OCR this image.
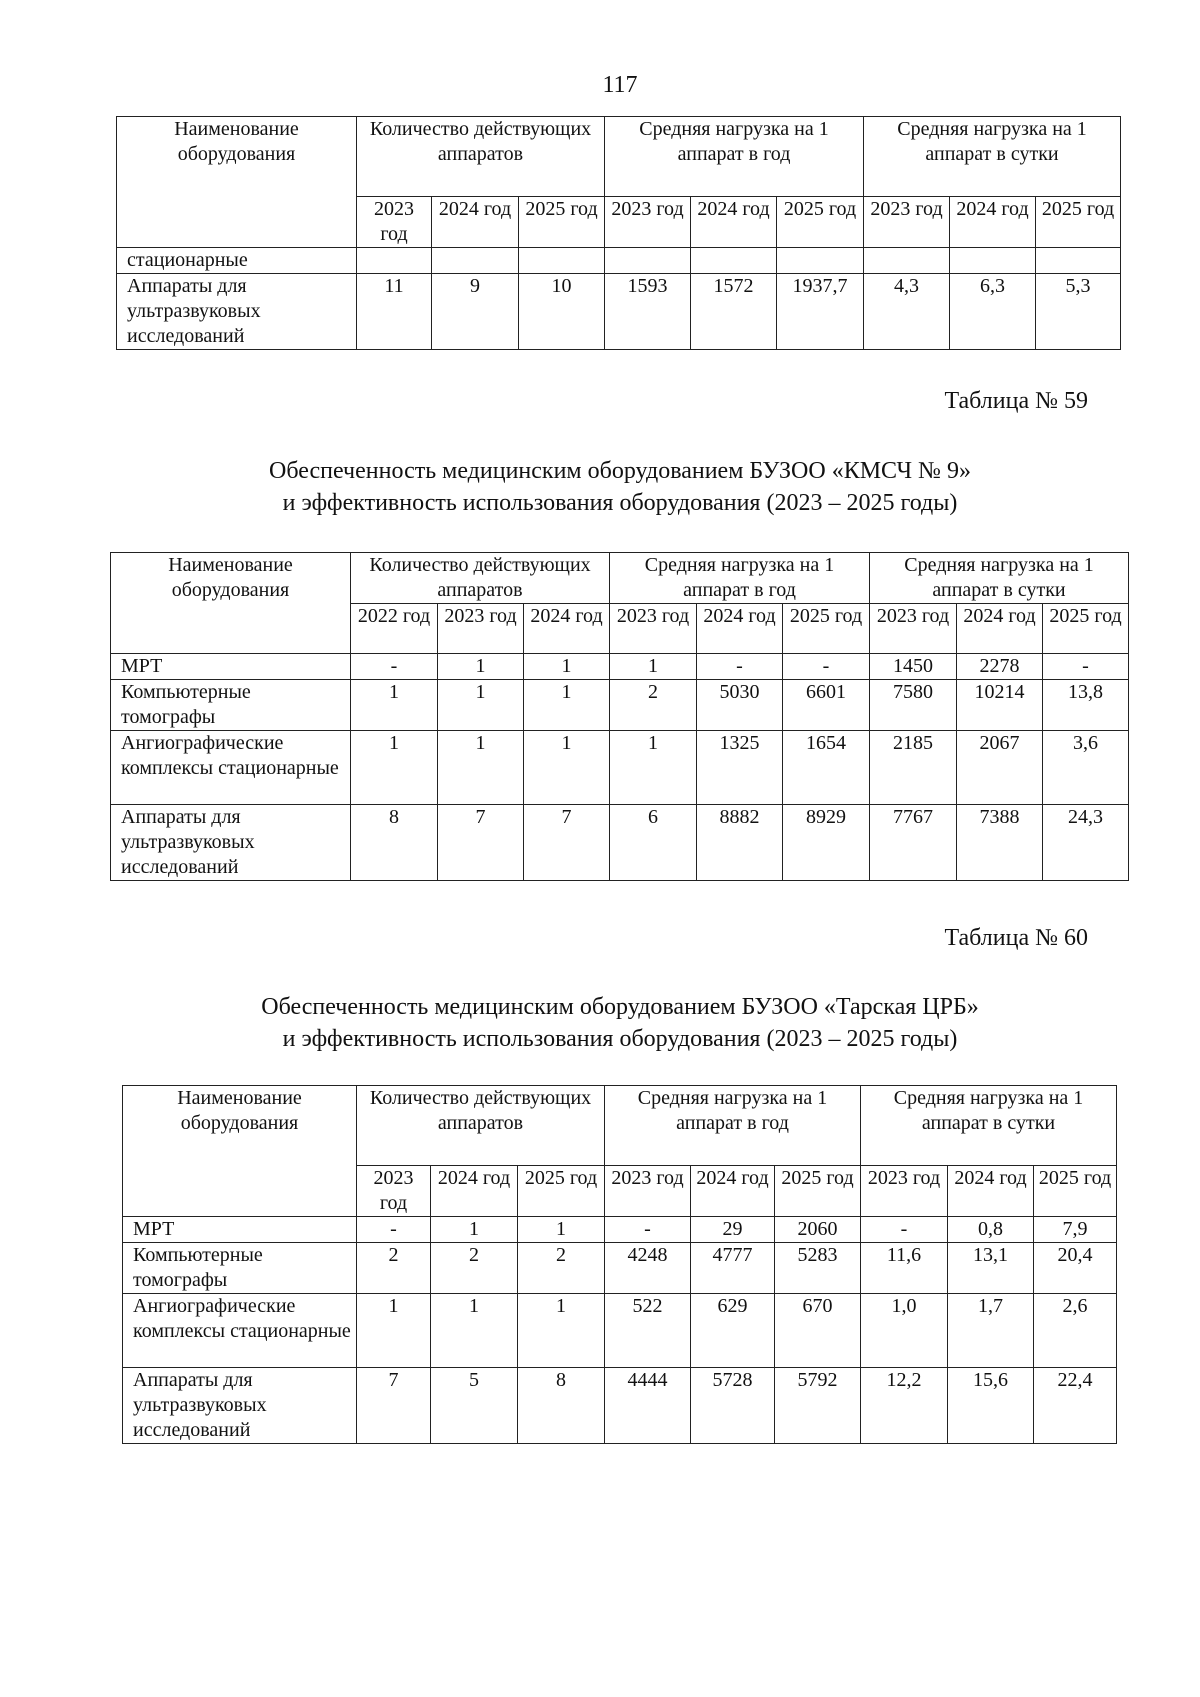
117
Наименование оборудования	Количество действующих аппаратов			Средняя нагрузка на 1 аппарат в год			Средняя нагрузка на 1 аппарат в сутки		
	2023 год	2024 год	2025 год	2023 год	2024 год	2025 год	2023 год	2024 год	2025 год
стационарные									
Аппараты для ультразвуковых исследований	11	9	10	1593	1572	1937,7	4,3	6,3	5,3
Таблица № 59
Обеспеченность медицинским оборудованием БУЗОО «КМСЧ № 9»
и эффективность использования оборудования (2023 – 2025 годы)
Наименование оборудования	Количество действующих аппаратов			Средняя нагрузка на 1 аппарат в год			Средняя нагрузка на 1 аппарат в сутки		
	2022 год	2023 год	2024 год	2023 год	2024 год	2025 год	2023 год	2024 год	2025 год
МРТ	-	1	1	1	-	-	1450	2278	-
Компьютерные томографы	1	1	1	2	5030	6601	7580	10214	13,8
Ангиографические комплексы стационарные	1	1	1	1	1325	1654	2185	2067	3,6
Аппараты для ультразвуковых исследований	8	7	7	6	8882	8929	7767	7388	24,3
Таблица № 60
Обеспеченность медицинским оборудованием БУЗОО «Тарская ЦРБ»
и эффективность использования оборудования (2023 – 2025 годы)
Наименование оборудования	Количество действующих аппаратов			Средняя нагрузка на 1 аппарат в год			Средняя нагрузка на 1 аппарат в сутки		
	2023 год	2024 год	2025 год	2023 год	2024 год	2025 год	2023 год	2024 год	2025 год
МРТ	-	1	1	-	29	2060	-	0,8	7,9
Компьютерные томографы	2	2	2	4248	4777	5283	11,6	13,1	20,4
Ангиографические комплексы стационарные	1	1	1	522	629	670	1,0	1,7	2,6
Аппараты для ультразвуковых исследований	7	5	8	4444	5728	5792	12,2	15,6	22,4
